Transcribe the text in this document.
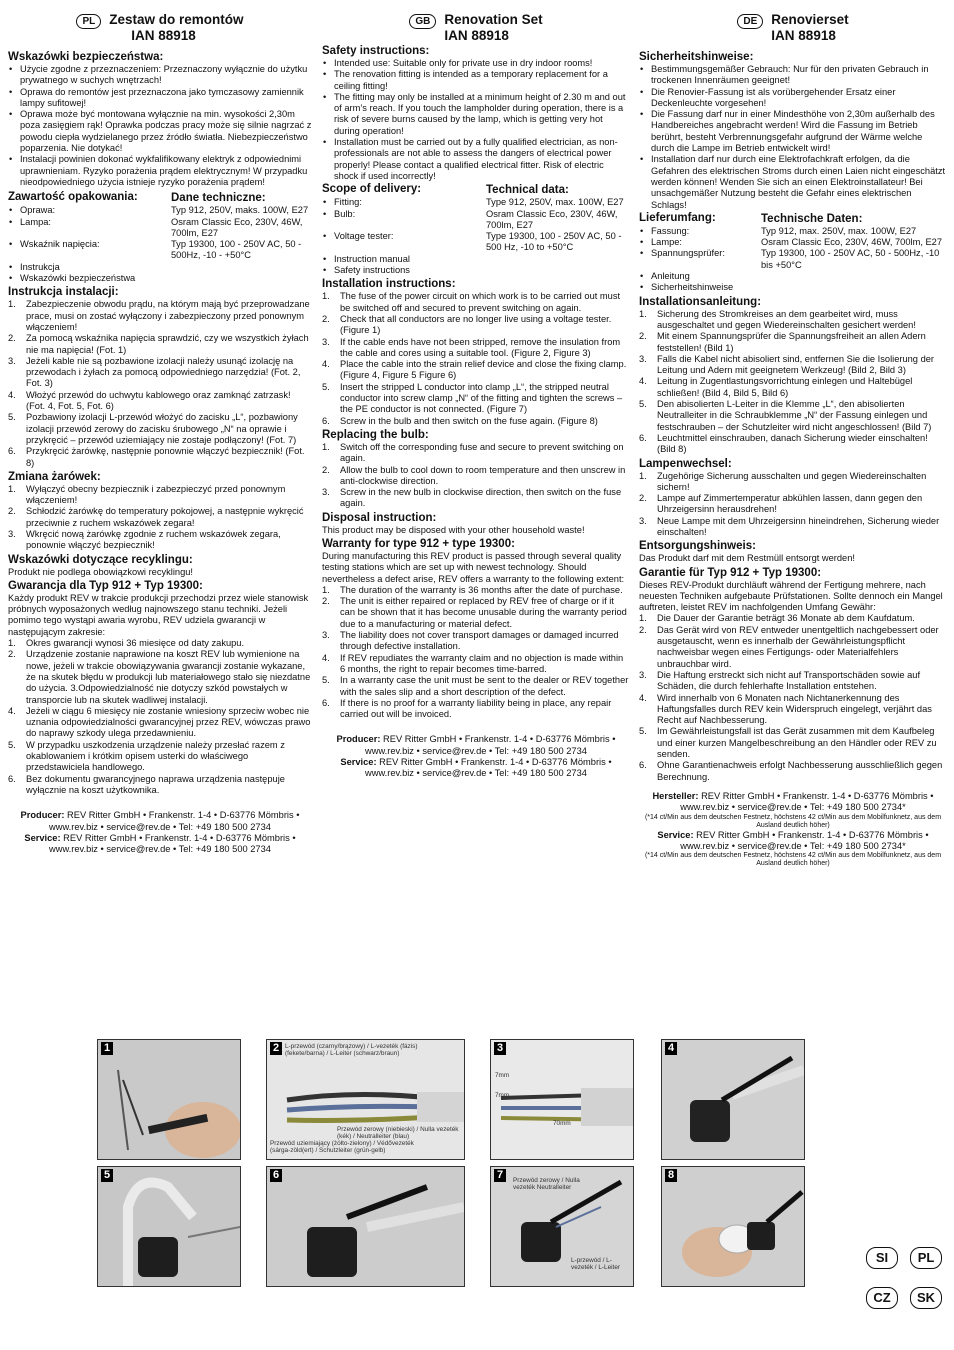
PL	Zestaw do remontów
IAN 88918
Wskazówki bezpieczeństwa:
• Użycie zgodne z przeznaczeniem: Przeznaczony wyłącznie do użytku prywatnego w suchych wnętrzach!
• Oprawa do remontów jest przeznaczona jako tymczasowy zamiennik lampy sufitowej!
• Oprawa może być montowana wyłącznie na min. wysokości 2,30m poza zasięgiem rąk! Oprawka podczas pracy może się silnie nagrzać z powodu ciepła wydzielanego przez źródło światła. Niebezpieczeństwo poparzenia. Nie dotykać!
• Instalacji powinien dokonać wykfalifikowany elektryk z odpowiednimi uprawnieniam. Ryzyko porażenia prądem elektrycznym! W przypadku nieodpowiedniego użycia istnieje ryzyko porażenia prądem!
Zawartość opakowania:	Dane techniczne:
• Oprawa:	Typ 912, 250V, maks. 100W, E27
• Lampa:	Osram Classic Eco, 230V, 46W, 700lm, E27
• Wskaźnik napięcia:	Typ 19300, 100 - 250V AC, 50 - 500Hz, -10 - +50°C
• Instrukcja
• Wskazówki bezpieczeństwa
Instrukcja instalacji:
1. Zabezpieczenie obwodu prądu, na którym mają być przeprowadzane prace, musi on zostać wyłączony i zabezpieczony przed ponownym włączeniem!
2. Za pomocą wskaźnika napięcia sprawdzić, czy we wszystkich żyłach nie ma napięcia! (Fot. 1)
3. Jeżeli kable nie są pozbawione izolacji należy usunąć izolację na przewodach i żyłach za pomocą odpowiedniego narzędzia! (Fot. 2, Fot. 3)
4. Włożyć przewód do uchwytu kablowego oraz zamknąć zatrzask! (Fot. 4, Fot. 5, Fot. 6)
5. Pozbawiony izolacji L-przewód włożyć do zacisku „L“, pozbawiony izolacji przewód zerowy do zacisku śrubowego „N“ na oprawie i przykręcić – przewód uziemiający nie zostaje podłączony! (Fot. 7)
6. Przykręcić żarówkę, następnie ponownie włączyć bezpiecznik! (Fot. 8)
Zmiana żarówek:
1. Wyłączyć obecny bezpiecznik i zabezpieczyć przed ponownym włączeniem!
2. Schłodzić żarówkę do temperatury pokojowej, a następnie wykręcić przeciwnie z ruchem wskazówek zegara!
3. Wkręcić nową żarówkę zgodnie z ruchem wskazówek zegara, ponownie włączyć bezpiecznik!
Wskazówki dotyczące recyklingu:
Produkt nie podlega obowiązkowi recyklingu!
Gwarancja dla Typ 912 + Typ 19300:
Każdy produkt REV w trakcie produkcji przechodzi przez wiele stanowisk próbnych wyposażonych według najnowszego stanu techniki. Jeżeli pomimo tego wystąpi awaria wyrobu, REV udziela gwarancji w następującym zakresie:
1. Okres gwarancji wynosi 36 miesięce od daty zakupu.
2. Urządzenie zostanie naprawione na koszt REV lub wymienione na nowe, jeżeli w trakcie obowiązywania gwarancji zostanie wykazane, że na skutek błędu w produkcji lub materiałowego stało się niezdatne do użycia. 3.Odpowiedzialność nie dotyczy szkód powstałych w transporcie lub na skutek wadliwej instalacji.
4. Jeżeli w ciągu 6 miesięcy nie zostanie wniesiony sprzeciw wobec nie uznania odpowiedzialności gwarancyjnej przez REV, wówczas prawo do naprawy szkody ulega przedawnieniu.
5. W przypadku uszkodzenia urządzenie należy przesłać razem z okablowaniem i krótkim opisem usterki do właściwego przedstawiciela handlowego.
6. Bez dokumentu gwarancyjnego naprawa urządzenia następuje wyłącznie na koszt użytkownika.
Producer: REV Ritter GmbH • Frankenstr. 1-4 • D-63776 Mömbris • www.rev.biz • service@rev.de • Tel: +49 180 500 2734
Service: REV Ritter GmbH • Frankenstr. 1-4 • D-63776 Mömbris • www.rev.biz • service@rev.de • Tel: +49 180 500 2734
GB	Renovation Set
IAN 88918
Safety instructions:
• Intended use: Suitable only for private use in dry indoor rooms!
• The renovation fitting is intended as a temporary replacement for a ceiling fitting!
• The fitting may only be installed at a minimum height of 2.30 m and out of arm’s reach. If you touch the lampholder during operation, there is a risk of severe burns caused by the lamp, which is getting very hot during operation!
• Installation must be carried out by a fully qualified electrician, as non-professionals are not able to assess the dangers of electrical power properly! Please contact a qualified electrical fitter. Risk of electric shock if used incorrectly!
Scope of delivery:	Technical data:
• Fitting:	Type 912, 250V, max. 100W, E27
• Bulb:	Osram Classic Eco, 230V, 46W, 700lm, E27
• Voltage tester:	Type 19300, 100 - 250V AC, 50 - 500 Hz, -10 to +50°C
• Instruction manual
• Safety instructions
Installation instructions:
1. The fuse of the power circuit on which work is to be carried out must be switched off and secured to prevent switching on again.
2. Check that all conductors are no longer live using a voltage tester. (Figure 1)
3. If the cable ends have not been stripped, remove the insulation from the cable and cores using a suitable tool. (Figure 2, Figure 3)
4. Place the cable into the strain relief device and close the fixing clamp. (Figure 4, Figure 5 Figure 6)
5. Insert the stripped L conductor into clamp „L“, the stripped neutral conductor into screw clamp „N“ of the fitting and tighten the screws – the PE conductor is not connected. (Figure 7)
6. Screw in the bulb and then switch on the fuse again. (Figure 8)
Replacing the bulb:
1. Switch off the corresponding fuse and secure to prevent switching on again.
2. Allow the bulb to cool down to room temperature and then unscrew in anti-clockwise direction.
3. Screw in the new bulb in clockwise direction, then switch on the fuse again.
Disposal instruction:
This product may be disposed with your other household waste!
Warranty for type 912 + type 19300:
During manufacturing this REV product is passed through several quality testing stations which are set up with newest technology. Should nevertheless a defect arise, REV offers a warranty to the following extent:
1. The duration of the warranty is 36 months after the date of purchase.
2. The unit is either repaired or replaced by REV free of charge or if it can be shown that it has become unusable during the warranty period due to a manufacturing or material defect.
3. The liability does not cover transport damages or damaged incurred through defective installation.
4. If REV repudiates the warranty claim and no objection is made within 6 months, the right to repair becomes time-barred.
5. In a warranty case the unit must be sent to the dealer or REV together with the sales slip and a short description of the defect.
6. If there is no proof for a warranty liability being in place, any repair carried out will be invoiced.
Producer: REV Ritter GmbH • Frankenstr. 1-4 • D-63776 Mömbris • www.rev.biz • service@rev.de • Tel: +49 180 500 2734
Service: REV Ritter GmbH • Frankenstr. 1-4 • D-63776 Mömbris • www.rev.biz • service@rev.de • Tel: +49 180 500 2734
DE	Renovierset
IAN 88918
Sicherheitshinweise:
• Bestimmungsgemäßer Gebrauch: Nur für den privaten Gebrauch in trockenen Innenräumen geeignet!
• Die Renovier-Fassung ist als vorübergehender Ersatz einer Deckenleuchte vorgesehen!
• Die Fassung darf nur in einer Mindesthöhe von 2,30m außerhalb des Handbereiches angebracht werden! Wird die Fassung im Betrieb berührt, besteht Verbrennungsgefahr aufgrund der Wärme welche durch die Lampe im Betrieb entwickelt wird!
• Installation darf nur durch eine Elektrofachkraft erfolgen, da die Gefahren des elektrischen Stroms durch einen Laien nicht eingeschätzt werden können! Wenden Sie sich an einen Elektroinstallateur! Bei unsachgemäßer Nutzung besteht die Gefahr eines elektrischen Schlags!
Lieferumfang:	Technische Daten:
• Fassung:	Typ 912, max. 250V, max. 100W, E27
• Lampe:	Osram Classic Eco, 230V, 46W, 700lm, E27
• Spannungsprüfer:	Typ 19300, 100 - 250V AC, 50 - 500Hz, -10 bis +50°C
• Anleitung
• Sicherheitshinweise
Installationsanleitung:
1. Sicherung des Stromkreises an dem gearbeitet wird, muss ausgeschaltet und gegen Wiedereinschalten gesichert werden!
2. Mit einem Spannungsprüfer die Spannungsfreiheit an allen Adern feststellen! (Bild 1)
3. Falls die Kabel nicht abisoliert sind, entfernen Sie die Isolierung der Leitung und Adern mit geeignetem Werkzeug! (Bild 2, Bild 3)
4. Leitung in Zugentlastungsvorrichtung einlegen und Haltebügel schließen! (Bild 4, Bild 5, Bild 6)
5. Den abisolierten L-Leiter in die Klemme „L“, den abisolierten Neutralleiter in die Schraubklemme „N“ der Fassung einlegen und festschrauben – der Schutzleiter wird nicht angeschlossen! (Bild 7)
6. Leuchtmittel einschrauben, danach Sicherung wieder einschalten! (Bild 8)
Lampenwechsel:
1. Zugehörige Sicherung ausschalten und gegen Wiedereinschalten sichern!
2. Lampe auf Zimmertemperatur abkühlen lassen, dann gegen den Uhrzeigersinn herausdrehen!
3. Neue Lampe mit dem Uhrzeigersinn hineindrehen, Sicherung wieder einschalten!
Entsorgungshinweis:
Das Produkt darf mit dem Restmüll entsorgt werden!
Garantie für Typ 912 + Typ 19300:
Dieses REV-Produkt durchläuft während der Fertigung mehrere, nach neuesten Techniken aufgebaute Prüfstationen. Sollte dennoch ein Mangel auftreten, leistet REV im nachfolgenden Umfang Gewähr:
1. Die Dauer der Garantie beträgt 36 Monate ab dem Kaufdatum.
2. Das Gerät wird von REV entweder unentgeltlich nachgebessert oder ausgetauscht, wenn es innerhalb der Gewährleistungspflicht nachweisbar wegen eines Fertigungs- oder Materialfehlers unbrauchbar wird.
3. Die Haftung erstreckt sich nicht auf Transportschäden sowie auf Schäden, die durch fehlerhafte Installation entstehen.
4. Wird innerhalb von 6 Monaten nach Nichtanerkennung des Haftungsfalles durch REV kein Widerspruch eingelegt, verjährt das Recht auf Nachbesserung.
5. Im Gewährleistungsfall ist das Gerät zusammen mit dem Kaufbeleg und einer kurzen Mangelbeschreibung an den Händler oder REV zu senden.
6. Ohne Garantienachweis erfolgt Nachbesserung ausschließlich gegen Berechnung.
Hersteller: REV Ritter GmbH • Frankenstr. 1-4 • D-63776 Mömbris • www.rev.biz • service@rev.de • Tel: +49 180 500 2734*
(*14 ct/Min aus dem deutschen Festnetz, höchstens 42 ct/Min aus dem Mobilfunknetz, aus dem Ausland deutlich höher)
Service: REV Ritter GmbH • Frankenstr. 1-4 • D-63776 Mömbris • www.rev.biz • service@rev.de • Tel: +49 180 500 2734*
(*14 ct/Min aus dem deutschen Festnetz, höchstens 42 ct/Min aus dem Mobilfunknetz, aus dem Ausland deutlich höher)
1	2 L-przewód (czarny/brązowy) / L-vezeték (fázis) (fekete/barna) / L-Leiter (schwarz/braun)
Przewód zerowy (niebieski) / Nulla vezeték (kék) / Neutralleiter (blau)
Przewód uziemiający (żółto-zielony) / Védővezeték (sárga-zöld(ert) / Schutzleiter (grün-gelb)
3
7mm
7mm
70mm
4
5	6	7	Przewód zerowy / Nulla vezeték Neutralleiter
L-przewód / L-vezeték / L-Leiter
8
SI	PL
CZ	SK
